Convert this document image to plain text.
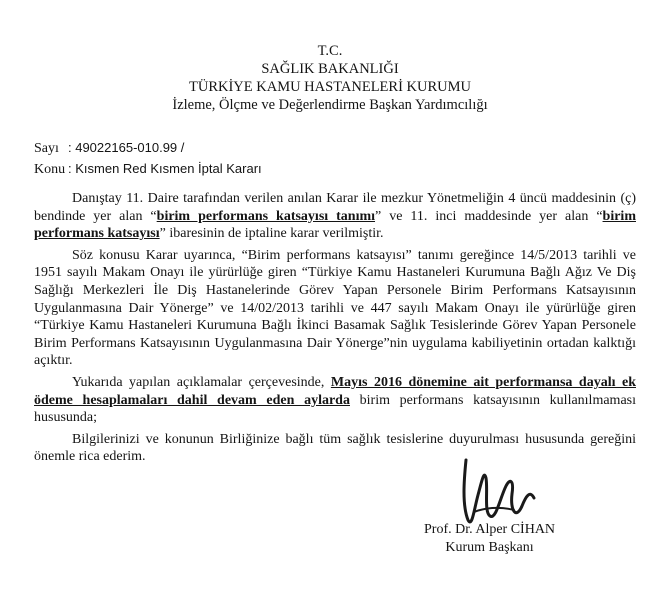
T.C.
SAĞLIK BAKANLIĞI
TÜRKİYE KAMU HASTANELERİ KURUMU
İzleme, Ölçme ve Değerlendirme Başkan Yardımcılığı
Sayı : 49022165-010.99 /
Konu : Kısmen Red Kısmen İptal Kararı

Danıştay 11. Daire tarafından verilen anılan Karar ile mezkur Yönetmeliğin 4 üncü maddesinin (ç) bendinde yer alan “birim performans katsayısı tanımı” ve 11. inci maddesinde yer alan “birim performans katsayısı” ibaresinin de iptaline karar verilmiştir.

Söz konusu Karar uyarınca, “Birim performans katsayısı” tanımı gereğince 14/5/2013 tarihli ve 1951 sayılı Makam Onayı ile yürürlüğe giren “Türkiye Kamu Hastaneleri Kurumuna Bağlı Ağız Ve Diş Sağlığı Merkezleri İle Diş Hastanelerinde Görev Yapan Personele Birim Performans Katsayısının Uygulanmasına Dair Yönerge” ve 14/02/2013 tarihli ve 447 sayılı Makam Onayı ile yürürlüğe giren “Türkiye Kamu Hastaneleri Kurumuna Bağlı İkinci Basamak Sağlık Tesislerinde Görev Yapan Personele Birim Performans Katsayısının Uygulanmasına Dair Yönerge”nin uygulama kabiliyetinin ortadan kalktığı açıktır.

Yukarıda yapılan açıklamalar çerçevesinde, Mayıs 2016 dönemine ait performansa dayalı ek ödeme hesaplamaları dahil devam eden aylarda birim performans katsayısının kullanılmaması hususunda;

Bilgilerinizi ve konunun Birliğinize bağlı tüm sağlık tesislerine duyurulması hususunda gereğini önemle rica ederim.

Prof. Dr. Alper CİHAN
Kurum Başkanı
